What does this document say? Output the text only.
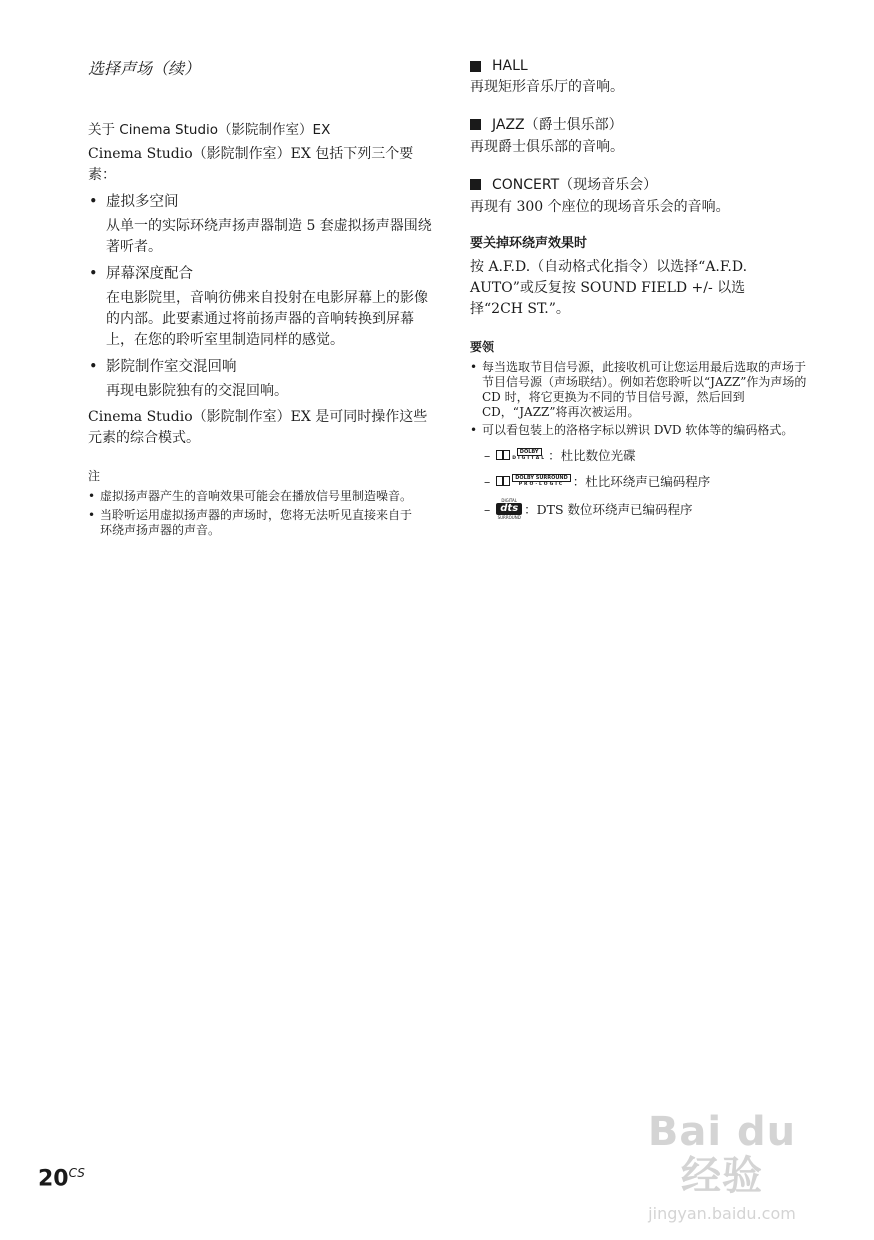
选择声场（续）

关于 Cinema Studio（影院制作室）EX

Cinema Studio（影院制作室）EX 包括下列三个要素：

• 虚拟多空间

从单一的实际环绕声扬声器制造 5 套虚拟扬声器围绕著听者。

• 屏幕深度配合

在电影院里，音响彷佛来自投射在电影屏幕上的影像的内部。此要素通过将前扬声器的音响转换到屏幕上，在您的聆听室里制造同样的感觉。

• 影院制作室交混回响

再现电影院独有的交混回响。

Cinema Studio（影院制作室）EX 是可同时操作这些元素的综合模式。

注

• 虚拟扬声器产生的音响效果可能会在播放信号里制造噪音。

• 当聆听运用虚拟扬声器的声场时，您将无法听见直接来自于环绕声扬声器的声音。

HALL

再现矩形音乐厅的音响。

JAZZ（爵士俱乐部）

再现爵士俱乐部的音响。

CONCERT（现场音乐会）

再现有 300 个座位的现场音乐会的音响。

要关掉环绕声效果时

按 A.F.D.（自动格式化指令）以选择“A.F.D. AUTO”或反复按 SOUND FIELD +/- 以选择“2CH ST.”。

要领

• 每当选取节目信号源，此接收机可让您运用最后选取的声场于节目信号源（声场联结）。例如若您聆听以“JAZZ”作为声场的 CD 时，将它更换为不同的节目信号源，然后回到 CD，“JAZZ”将再次被运用。

• 可以看包装上的洛格字标以辨识 DVD 软体等的编码格式。

–	DOLBY
DIGITAL ：杜比数位光碟

–	DOLBY SURROUND
PRO·LOGIC ：杜比环绕声已编码程序

–
DIGITAL
dts
SURROUND
：DTS 数位环绕声已编码程序

$20^{CS}$
Bai du 经验
jingyan.baidu.com
